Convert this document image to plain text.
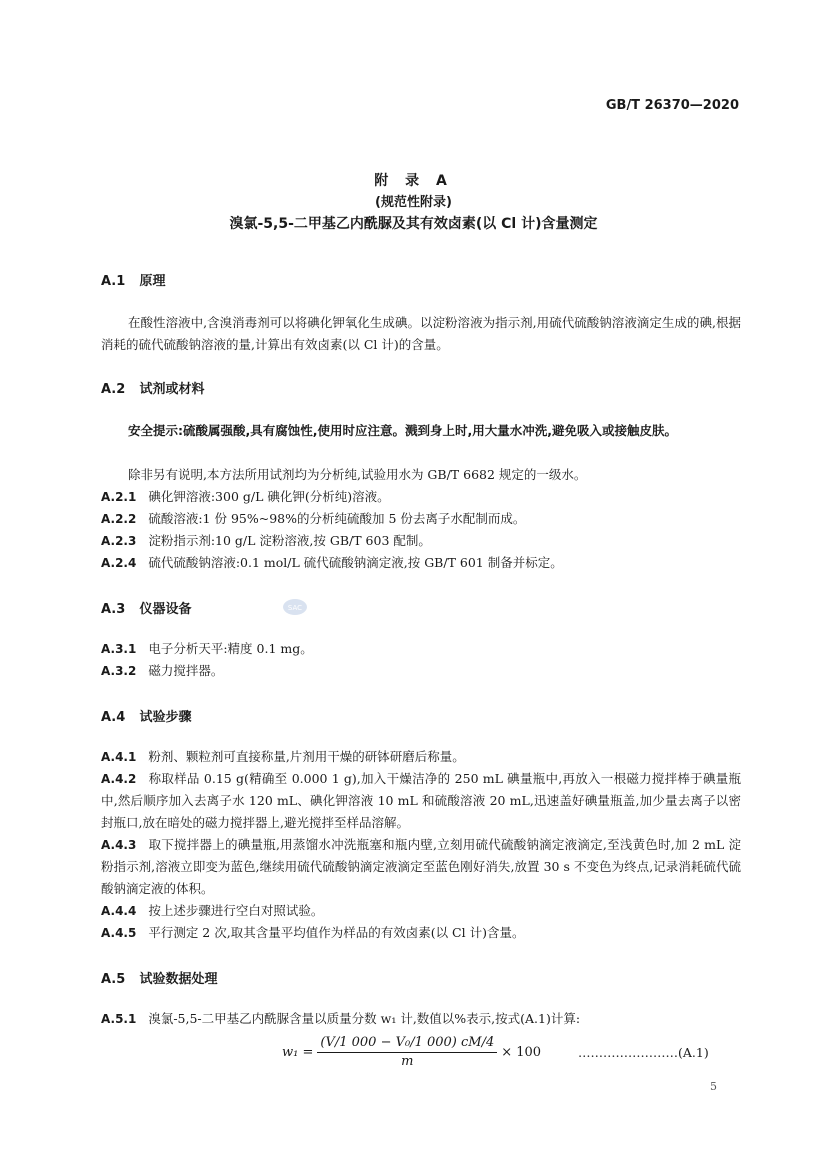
GB/T 26370—2020
附 录 A
(规范性附录)
溴氯-5,5-二甲基乙内酰脲及其有效卤素(以 Cl 计)含量测定
A.1 原理
在酸性溶液中,含溴消毒剂可以将碘化钾氧化生成碘。以淀粉溶液为指示剂,用硫代硫酸钠溶液滴定生成的碘,根据消耗的硫代硫酸钠溶液的量,计算出有效卤素(以 Cl 计)的含量。
A.2 试剂或材料
安全提示:硫酸属强酸,具有腐蚀性,使用时应注意。溅到身上时,用大量水冲洗,避免吸入或接触皮肤。
除非另有说明,本方法所用试剂均为分析纯,试验用水为 GB/T 6682 规定的一级水。
A.2.1 碘化钾溶液:300 g/L 碘化钾(分析纯)溶液。
A.2.2 硫酸溶液:1 份 95%~98%的分析纯硫酸加 5 份去离子水配制而成。
A.2.3 淀粉指示剂:10 g/L 淀粉溶液,按 GB/T 603 配制。
A.2.4 硫代硫酸钠溶液:0.1 mol/L 硫代硫酸钠滴定液,按 GB/T 601 制备并标定。
A.3 仪器设备	SAC
A.3.1 电子分析天平:精度 0.1 mg。
A.3.2 磁力搅拌器。
A.4 试验步骤
A.4.1 粉剂、颗粒剂可直接称量,片剂用干燥的研钵研磨后称量。
A.4.2 称取样品 0.15 g(精确至 0.000 1 g),加入干燥洁净的 250 mL 碘量瓶中,再放入一根磁力搅拌棒于碘量瓶中,然后顺序加入去离子水 120 mL、碘化钾溶液 10 mL 和硫酸溶液 20 mL,迅速盖好碘量瓶盖,加少量去离子以密封瓶口,放在暗处的磁力搅拌器上,避光搅拌至样品溶解。
A.4.3 取下搅拌器上的碘量瓶,用蒸馏水冲洗瓶塞和瓶内壁,立刻用硫代硫酸钠滴定液滴定,至浅黄色时,加 2 mL 淀粉指示剂,溶液立即变为蓝色,继续用硫代硫酸钠滴定液滴定至蓝色刚好消失,放置 30 s 不变色为终点,记录消耗硫代硫酸钠滴定液的体积。
A.4.4 按上述步骤进行空白对照试验。
A.4.5 平行测定 2 次,取其含量平均值作为样品的有效卤素(以 Cl 计)含量。
A.5 试验数据处理
A.5.1 溴氯-5,5-二甲基乙内酰脲含量以质量分数 w₁ 计,数值以%表示,按式(A.1)计算:
$w_1 = \frac{\text{(V/1 000 − V₀/1 000) cM/4}}{m} \times 100$	……………………(A.1)
5
